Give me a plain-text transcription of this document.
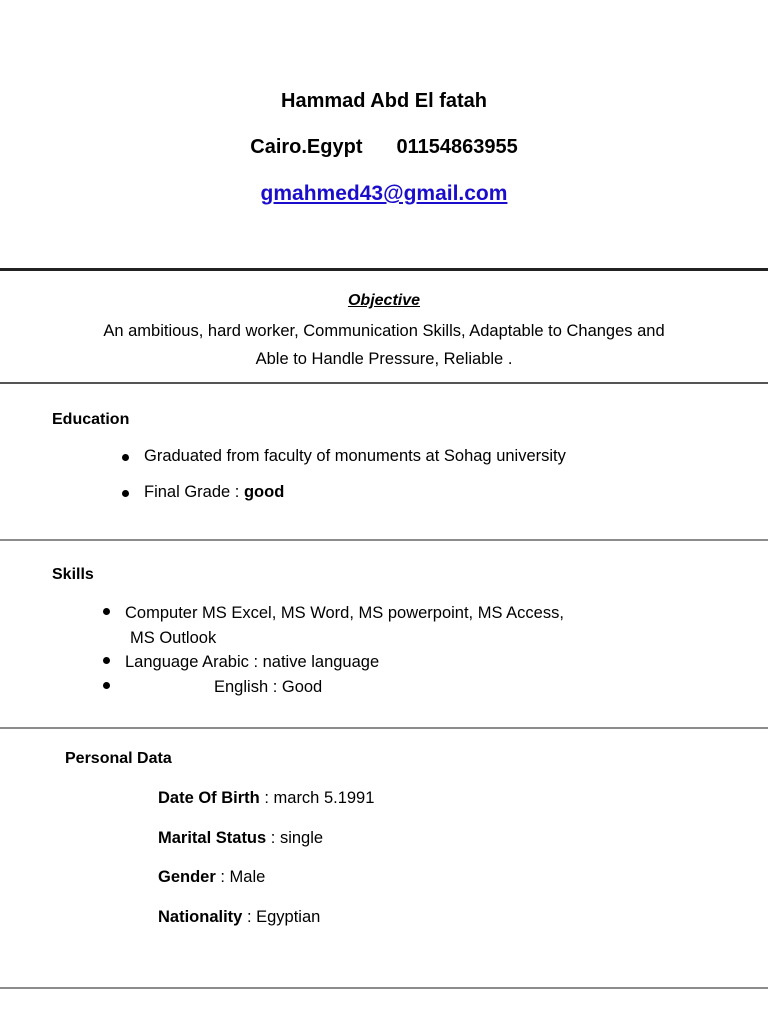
Hammad Abd El fatah
Cairo.Egypt 01154863955
gmahmed43@gmail.com
Objective
An ambitious, hard worker, Communication Skills, Adaptable to Changes and
Able to Handle Pressure, Reliable .
Education
Graduated from faculty of monuments at Sohag university
Final Grade : good
Skills
Computer MS Excel, MS Word, MS powerpoint, MS Access,
MS Outlook
Language Arabic : native language
English : Good
Personal Data
Date Of Birth : march 5.1991
Marital Status : single
Gender : Male
Nationality : Egyptian
